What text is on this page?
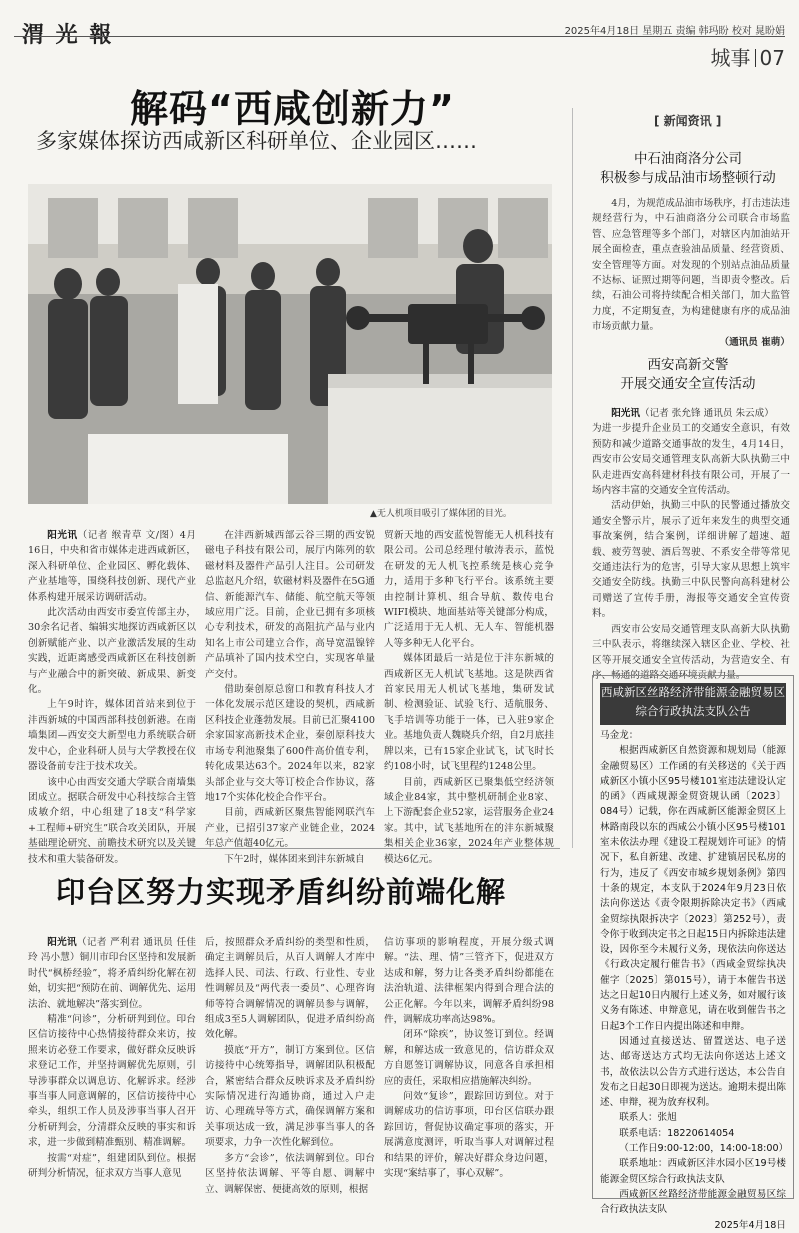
渭 光 報	2025年4月18日 星期五 责编 韩玛盼 校对 晁盼娟
城事 07
解码“西咸创新力”
多家媒体探访西咸新区科研单位、企业园区……
▲无人机项目吸引了媒体团的目光。

阳光讯（记者 缑青草 文/图）4月16日，中央和省市媒体走进西咸新区，深入科研单位、企业园区、孵化载体、产业基地等，围绕科技创新、现代产业体系构建开展采访调研活动。

此次活动由西安市委宣传部主办，30余名记者、编辑实地探访西咸新区以创新赋能产业、以产业激活发展的生动实践，近距离感受西咸新区在科技创新与产业融合中的新突破、新成果、新变化。

上午9时许，媒体团首站来到位于沣西新城的中国西部科技创新港。在南墙集团—西安交大新型电力系统联合研发中心，企业科研人员与大学教授在仪器设备前专注于技术攻关。

该中心由西安交通大学联合南墙集团成立。据联合研发中心科技综合主管成敏介绍，中心组建了18支“科学家+工程师+研究生”联合攻关团队，开展基础理论研究、前瞻技术研究以及关键技术和重大装备研发。

在沣西新城西部云谷三期的西安锐磁电子科技有限公司，展厅内陈列的软磁材料及器件产品引人注目。公司研发总监赵凡介绍，软磁材料及器件在5G通信、新能源汽车、储能、航空航天等领域应用广泛。目前，企业已拥有多项核心专利技术，研发的高阻抗产品与业内知名上市公司建立合作，高导宽温镍锌产品填补了国内技术空白，实现客单量产交付。

借助秦创原总窗口和教育科技人才一体化发展示范区建设的契机，西咸新区科技企业蓬勃发展。目前已汇聚4100余家国家高新技术企业，秦创原科技大市场专利池聚集了600件高价值专利，转化成果达63个。2024年以来，82家头部企业与交大等订校企合作协议，落地17个实体化校企合作平台。

目前，西咸新区聚焦智能网联汽车产业，已招引37家产业链企业，2024年总产值超40亿元。

下午2时，媒体团来到沣东新城自

贸新天地的西安蓝悦智能无人机科技有限公司。公司总经理付敏涛表示，蓝悦在研发的无人机飞控系统是核心竞争力，适用于多种飞行平台。该系统主要由控制计算机、组合导航、数传电台WIFI模块、地面基站等关键部分构成，广泛适用于无人机、无人车、智能机器人等多种无人化平台。

媒体团最后一站是位于沣东新城的西咸新区无人机试飞基地。这是陕西省首家民用无人机试飞基地，集研发试制、检测验证、试验飞行、适航服务、飞手培训等功能于一体，已入驻9家企业。基地负责人魏晓兵介绍，自2月底挂牌以来，已有15家企业试飞，试飞时长约108小时，试飞里程约1248公里。

目前，西咸新区已聚集低空经济领域企业84家，其中整机研制企业8家、上下游配套企业52家，运营服务企业24家。其中，试飞基地所在的沣东新城聚集相关企业36家，2024年产业整体规模达6亿元。

印台区努力实现矛盾纠纷前端化解

阳光讯（记者 严利君 通讯员 任佳玲 冯小慧）铜川市印台区坚持和发展新时代“枫桥经验”，将矛盾纠纷化解在初始，切实把“预防在前、调解优先、运用法治、就地解决”落实到位。

精准“问诊”，分析研判到位。印台区信访接待中心热情接待群众来访，按照来访必登工作要求，做好群众反映诉求登记工作，并坚持调解优先原则，引导涉事群众以调息访、化解诉求。经涉事当事人同意调解的，区信访接待中心牵头，组织工作人员及涉事当事人召开分析研判会，分清群众反映的事实和诉求，进一步做到精准甄别、精准调解。

按需“对症”，组建团队到位。根据研判分析情况，征求双方当事人意见

后，按照群众矛盾纠纷的类型和性质，确定主调解员后，从百人调解人才库中选择人民、司法、行政、行业性、专业性调解员及“两代表一委员”、心理咨询师等符合调解情况的调解员参与调解，组成3至5人调解团队，促进矛盾纠纷高效化解。

摸底“开方”，制订方案到位。区信访接待中心统筹指导，调解团队积极配合，紧密结合群众反映诉求及矛盾纠纷实际情况进行沟通协商，通过入户走访、心理疏导等方式，确保调解方案和关事项达成一致，满足涉事当事人的各项要求，力争一次性化解到位。

多方“会诊”，依法调解到位。印台区坚持依法调解、平等自愿、调解中立、调解保密、便捷高效的原则，根据

信访事项的影响程度，开展分级式调解。“法、理、情”三管齐下，促进双方达成和解，努力让各类矛盾纠纷都能在法治轨道、法律框架内得到合理合法的公正化解。今年以来，调解矛盾纠纷98件，调解成功率高达98%。

闭环“除疾”，协议签订到位。经调解，和解达成一致意见的，信访群众双方自愿签订调解协议，同意各自承担相应的责任，采取相应措施解决纠纷。

问效“复诊”，跟踪回访到位。对于调解成功的信访事项，印台区信联办跟踪回访，督促协议确定事项的落实，开展满意度测评，听取当事人对调解过程和结果的评价，解决好群众身边问题，实现“案结事了，事心双解”。

[ 新闻资讯 ]
中石油商洛分公司
积极参与成品油市场整顿行动

4月，为规范成品油市场秩序，打击违法违规经营行为，中石油商洛分公司联合市场监管、应急管理等多个部门，对辖区内加油站开展全面检查，重点查验油品质量、经营资质、安全管理等方面。对发现的个别站点油品质量不达标、证照过期等问题，当即责令整改。后续，石油公司将持续配合相关部门，加大监管力度，不定期复查，为构建健康有序的成品油市场贡献力量。

（通讯员 崔萌）
西安高新交警
开展交通安全宣传活动

阳光讯（记者 张允锋 通讯员 朱云成）

为进一步提升企业员工的交通安全意识，有效预防和减少道路交通事故的发生，4月14日，西安市公安局交通管理支队高新大队执勤三中队走进西安高科建材科技有限公司，开展了一场内容丰富的交通安全宣传活动。

活动伊始，执勤三中队的民警通过播放交通安全警示片，展示了近年来发生的典型交通事故案例，结合案例，详细讲解了超速、超载、疲劳驾驶、酒后驾驶、不系安全带等常见交通违法行为的危害，引导大家从思想上筑牢交通安全防线。执勤三中队民警向高科建材公司赠送了宣传手册，海报等交通安全宣传资料。

西安市公安局交通管理支队高新大队执勤三中队表示，将继续深入辖区企业、学校、社区等开展交通安全宣传活动，为营造安全、有序、畅通的道路交通环境贡献力量。

西咸新区丝路经济带能源金融贸易区
综合行政执法支队公告

马金龙：

根据西咸新区自然资源和规划局（能源金融贸易区）工作函的有关移送的《关于西咸新区小镇小区95号楼101室违法建设认定的函》（西咸规源金贸资规认函〔2023〕084号）记载，你在西咸新区能源金贸区上林路南段以东的西咸公小镇小区95号楼101室未依法办理《建设工程规划许可证》的情况下，私自新建、改建、扩建镇居民私房的行为，违反了《西安市城乡规划条例》第四十条的规定，本支队于2024年9月23日依法向你送达《责令限期拆除决定书》（西咸金贸综执限拆决字〔2023〕第252号），责令你于收到决定书之日起15日内拆除违法建设，因你至今未履行义务，现依法向你送达《行政决定履行催告书》（西咸金贸综执决催字〔2025〕第015号），请于本催告书送达之日起10日内履行上述义务，如对履行该义务有陈述、申辩意见，请在收到催告书之日起3个工作日内提出陈述和申辩。

因通过直接送达、留置送达、电子送达、邮寄送达方式均无法向你送达上述文书，故依法以公告方式进行送达，本公告自发布之日起30日即视为送达。逾期未提出陈述、申辩，视为放弃权利。

联系人：张旭

联系电话：18220614054

（工作日9:00-12:00，14:00-18:00）

联系地址：西咸新区沣水园小区19号楼能源金贸区综合行政执法支队

西咸新区丝路经济带能源金融贸易区综合行政执法支队

2025年4月18日
